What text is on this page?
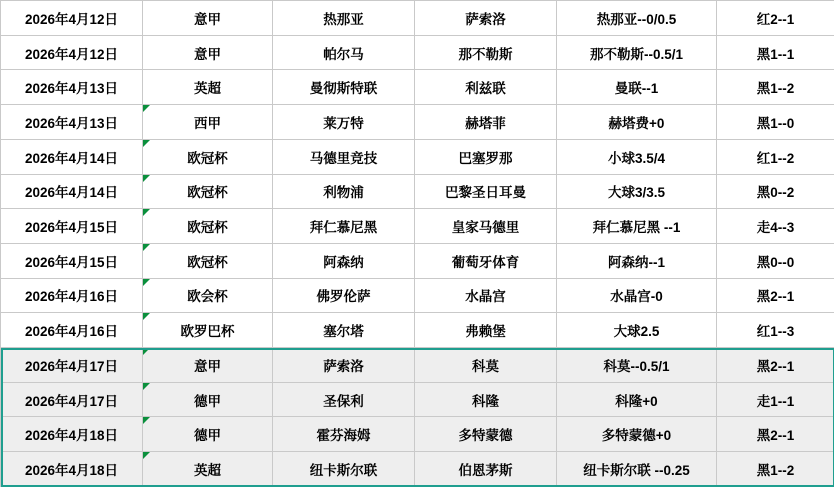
2026年4月12日	意甲	热那亚	萨索洛	热那亚--0/0.5	红2--1
2026年4月12日	意甲	帕尔马	那不勒斯	那不勒斯--0.5/1	黑1--1
2026年4月13日	英超	曼彻斯特联	利兹联	曼联--1	黑1--2
2026年4月13日	西甲	莱万特	赫塔菲	赫塔费+0	黑1--0
2026年4月14日	欧冠杯	马德里竞技	巴塞罗那	小球3.5/4	红1--2
2026年4月14日	欧冠杯	利物浦	巴黎圣日耳曼	大球3/3.5	黑0--2
2026年4月15日	欧冠杯	拜仁慕尼黑	皇家马德里	拜仁慕尼黑 --1	走4--3
2026年4月15日	欧冠杯	阿森纳	葡萄牙体育	阿森纳--1	黑0--0
2026年4月16日	欧会杯	佛罗伦萨	水晶宫	水晶宫-0	黑2--1
2026年4月16日	欧罗巴杯	塞尔塔	弗赖堡	大球2.5	红1--3
2026年4月17日	意甲	萨索洛	科莫	科莫--0.5/1	黑2--1
2026年4月17日	德甲	圣保利	科隆	科隆+0	走1--1
2026年4月18日	德甲	霍芬海姆	多特蒙德	多特蒙德+0	黑2--1
2026年4月18日	英超	纽卡斯尔联	伯恩茅斯	纽卡斯尔联 --0.25	黑1--2
